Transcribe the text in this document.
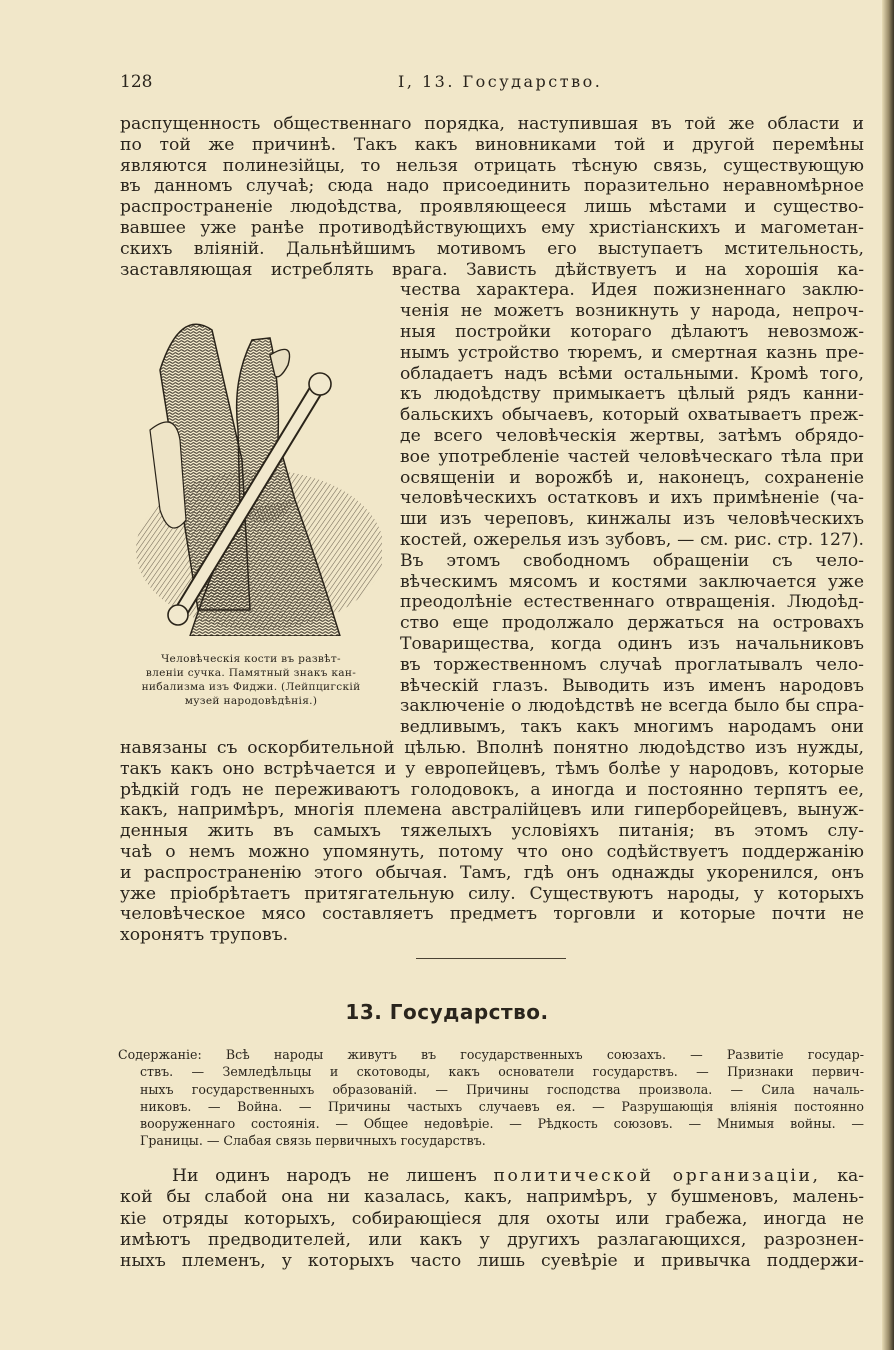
128	I, 13. Государство.
распущенность общественнаго порядка, наступившая въ той же области и
по той же причинѣ. Такъ какъ виновниками той и другой перемѣны
являются полинезійцы, то нельзя отрицать тѣсную связь, существующую
въ данномъ случаѣ; сюда надо присоединить поразительно неравномѣрное
распространеніе людоѣдства, проявляющееся лишь мѣстами и существо-
вавшее уже ранѣе противодѣйствующихъ ему христіанскихъ и магометан-
скихъ вліяній. Дальнѣйшимъ мотивомъ его выступаетъ мстительность,
заставляющая истреблять врага. Зависть дѣйствуетъ и на хорошія ка-
чества характера. Идея пожизненнаго заклю-
ченія не можетъ возникнуть у народа, непроч-
ныя постройки котораго дѣлаютъ невозмож-
нымъ устройство тюремъ, и смертная казнь пре-
обладаетъ надъ всѣми остальными. Кромѣ того,
къ людоѣдству примыкаетъ цѣлый рядъ канни-
бальскихъ обычаевъ, который охватываетъ преж-
де всего человѣческія жертвы, затѣмъ обрядо-
вое употребленіе частей человѣческаго тѣла при
освященіи и ворожбѣ и, наконецъ, сохраненіе
человѣческихъ остатковъ и ихъ примѣненіе (ча-
ши изъ череповъ, кинжалы изъ человѣческихъ
костей, ожерелья изъ зубовъ, — см. рис. стр. 127).
Въ этомъ свободномъ обращеніи съ чело-
вѣческимъ мясомъ и костями заключается уже
преодолѣніе естественнаго отвращенія. Людоѣд-
ство еще продолжало держаться на островахъ
Товарищества, когда одинъ изъ начальниковъ
въ торжественномъ случаѣ проглатывалъ чело-
вѣческій глазъ. Выводить изъ именъ народовъ
заключеніе о людоѣдствѣ не всегда было бы спра-
ведливымъ, такъ какъ многимъ народамъ они
навязаны съ оскорбительной цѣлью. Вполнѣ понятно людоѣдство изъ нужды,
такъ какъ оно встрѣчается и у европейцевъ, тѣмъ болѣе у народовъ, которые
рѣдкій годъ не переживаютъ голодовокъ, а иногда и постоянно терпятъ ее,
какъ, напримѣръ, многія племена австралійцевъ или гиперборейцевъ, вынуж-
денныя жить въ самыхъ тяжелыхъ условіяхъ питанія; въ этомъ слу-
чаѣ о немъ можно упомянуть, потому что оно содѣйствуетъ поддержанію
и распространенію этого обычая. Тамъ, гдѣ онъ однажды укоренился, онъ
уже пріобрѣтаетъ притягательную силу. Существуютъ народы, у которыхъ
человѣческое мясо составляетъ предметъ торговли и которые почти не
хоронятъ труповъ.
Человѣческія кости въ развѣт-
вленіи сучка. Памятный знакъ кан-
нибализма изъ Фиджи. (Лейпцигскій
музей народовѣдѣнія.)
13. Государство.
Содержаніе: Всѣ народы живутъ въ государственныхъ союзахъ. — Развитіе государ-
ствъ. — Земледѣльцы и скотоводы, какъ основатели государствъ. — Признаки первич-
ныхъ государственныхъ образованій. — Причины господства произвола. — Сила началь-
никовъ. — Война. — Причины частыхъ случаевъ ея. — Разрушающія вліянія постоянно
вооруженнаго состоянія. — Общее недовѣріе. — Рѣдкость союзовъ. — Мнимыя войны. —
Границы. — Слабая связь первичныхъ государствъ.
Ни одинъ народъ не лишенъ политической организаціи, ка-
кой бы слабой она ни казалась, какъ, напримѣръ, у бушменовъ, малень-
кіе отряды которыхъ, собирающіеся для охоты или грабежа, иногда не
имѣютъ предводителей, или какъ у другихъ разлагающихся, разрознен-
ныхъ племенъ, у которыхъ часто лишь суевѣріе и привычка поддержи-
